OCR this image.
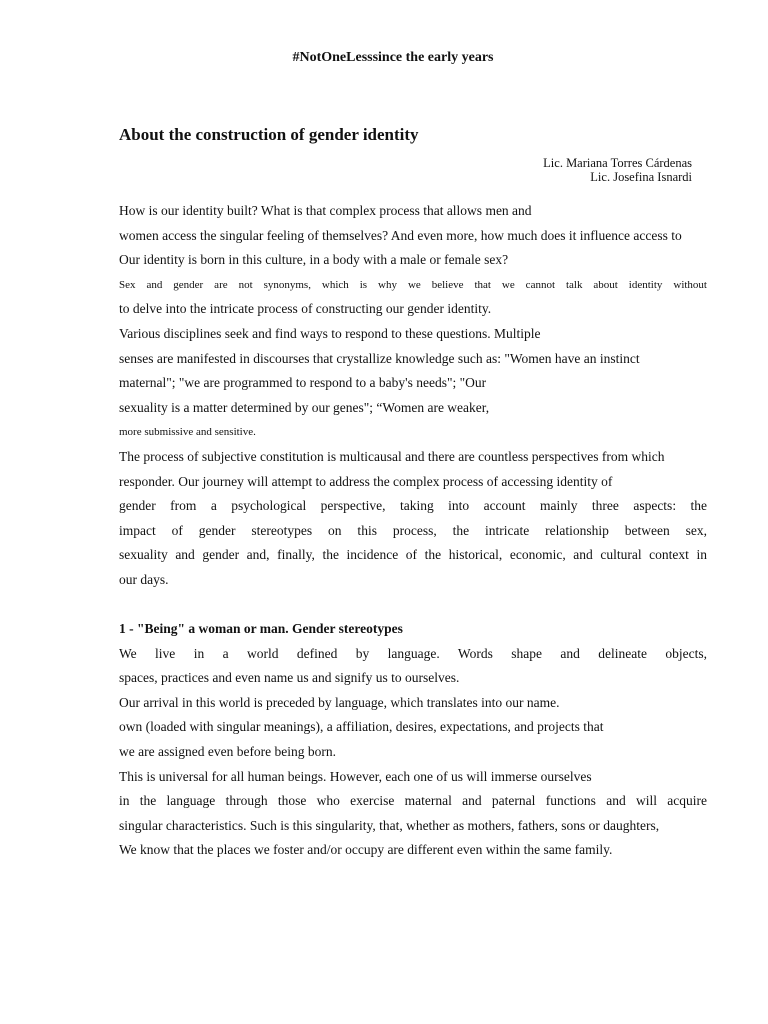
#NotOneLesssince the early years
About the construction of gender identity
Lic. Mariana Torres Cárdenas
Lic. Josefina Isnardi
How is our identity built? What is that complex process that allows men and
women access the singular feeling of themselves? And even more, how much does it influence access to
Our identity is born in this culture, in a body with a male or female sex?
Sex and gender are not synonyms, which is why we believe that we cannot talk about identity without
to delve into the intricate process of constructing our gender identity.
Various disciplines seek and find ways to respond to these questions. Multiple
senses are manifested in discourses that crystallize knowledge such as: "Women have an instinct
maternal"; "we are programmed to respond to a baby's needs"; "Our
sexuality is a matter determined by our genes"; “Women are weaker,
more submissive and sensitive.
The process of subjective constitution is multicausal and there are countless perspectives from which
responder. Our journey will attempt to address the complex process of accessing identity of
gender from a psychological perspective, taking into account mainly three aspects: the
impact of gender stereotypes on this process, the intricate relationship between sex,
sexuality and gender and, finally, the incidence of the historical, economic, and cultural context in
our days.
1 - "Being" a woman or man. Gender stereotypes
We live in a world defined by language. Words shape and delineate objects,
spaces, practices and even name us and signify us to ourselves.
Our arrival in this world is preceded by language, which translates into our name.
own (loaded with singular meanings), a affiliation, desires, expectations, and projects that
we are assigned even before being born.
This is universal for all human beings. However, each one of us will immerse ourselves
in the language through those who exercise maternal and paternal functions and will acquire
singular characteristics. Such is this singularity, that, whether as mothers, fathers, sons or daughters,
We know that the places we foster and/or occupy are different even within the same family.
